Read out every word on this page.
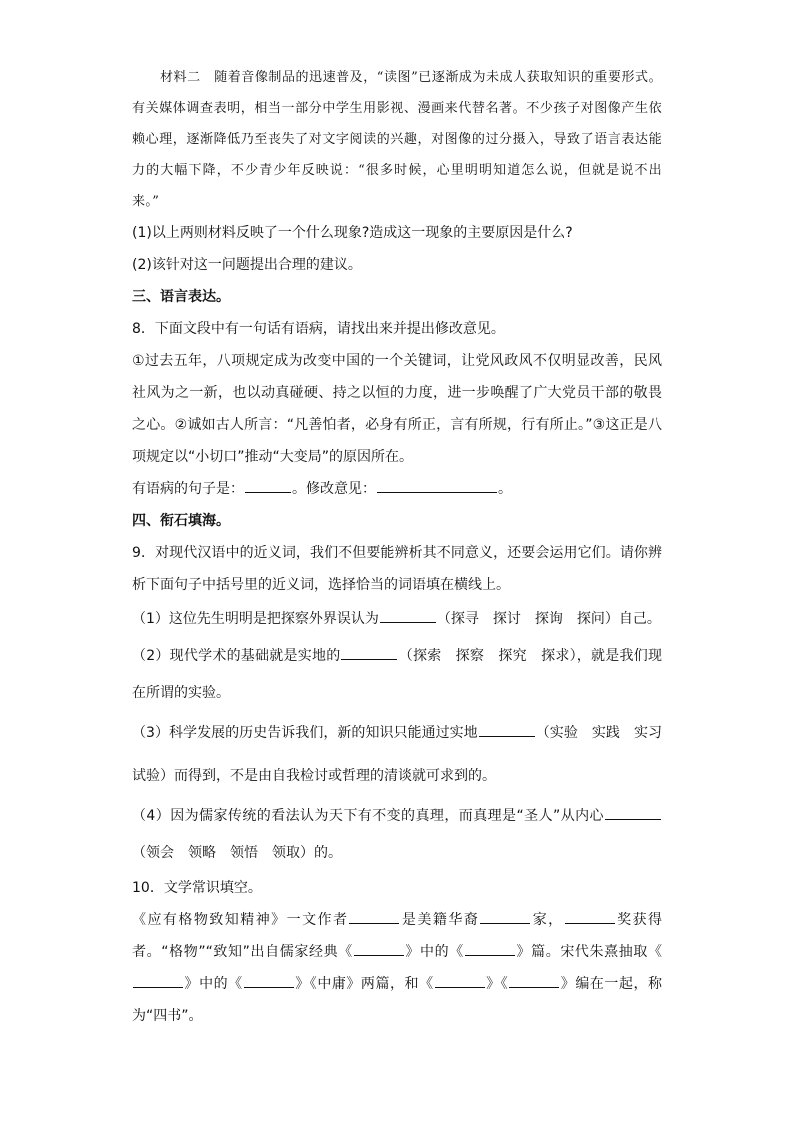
材料二　随着音像制品的迅速普及，“读图”已逐渐成为未成人获取知识的重要形式。有关媒体调查表明，相当一部分中学生用影视、漫画来代替名著。不少孩子对图像产生依赖心理，逐渐降低乃至丧失了对文字阅读的兴趣，对图像的过分摄入，导致了语言表达能力的大幅下降，不少青少年反映说：“很多时候，心里明明知道怎么说，但就是说不出来。”

(1)以上两则材料反映了一个什么现象?造成这一现象的主要原因是什么?

(2)该针对这一问题提出合理的建议。

三、语言表达。

8．下面文段中有一句话有语病，请找出来并提出修改意见。

①过去五年，八项规定成为改变中国的一个关键词，让党风政风不仅明显改善，民风社风为之一新，也以动真碰硬、持之以恒的力度，进一步唤醒了广大党员干部的敬畏之心。②诚如古人所言：“凡善怕者，必身有所正，言有所规，行有所止。”③这正是八项规定以“小切口”推动“大变局”的原因所在。

有语病的句子是：	。修改意见：	。

四、衔石填海。

9．对现代汉语中的近义词，我们不但要能辨析其不同意义，还要会运用它们。请你辨析下面句子中括号里的近义词，选择恰当的词语填在横线上。

（1）这位先生明明是把探察外界误认为	（探寻　探讨　探询　探问）自己。

（2）现代学术的基础就是实地的	（探索　探察　探究　探求），就是我们现在所谓的实验。

（3）科学发展的历史告诉我们，新的知识只能通过实地	（实验　实践　实习　试验）而得到，不是由自我检讨或哲理的清谈就可求到的。

（4）因为儒家传统的看法认为天下有不变的真理，而真理是“圣人”从内心（领会　领略　领悟　领取）的。

10．文学常识填空。

《应有格物致知精神》一文作者	是美籍华裔	家，	奖获得者。“格物”“致知”出自儒家经典《	》中的《	》篇。宋代朱熹抽取《》中的《	》《中庸》两篇，和《	》《	》编在一起，称为“四书”。
